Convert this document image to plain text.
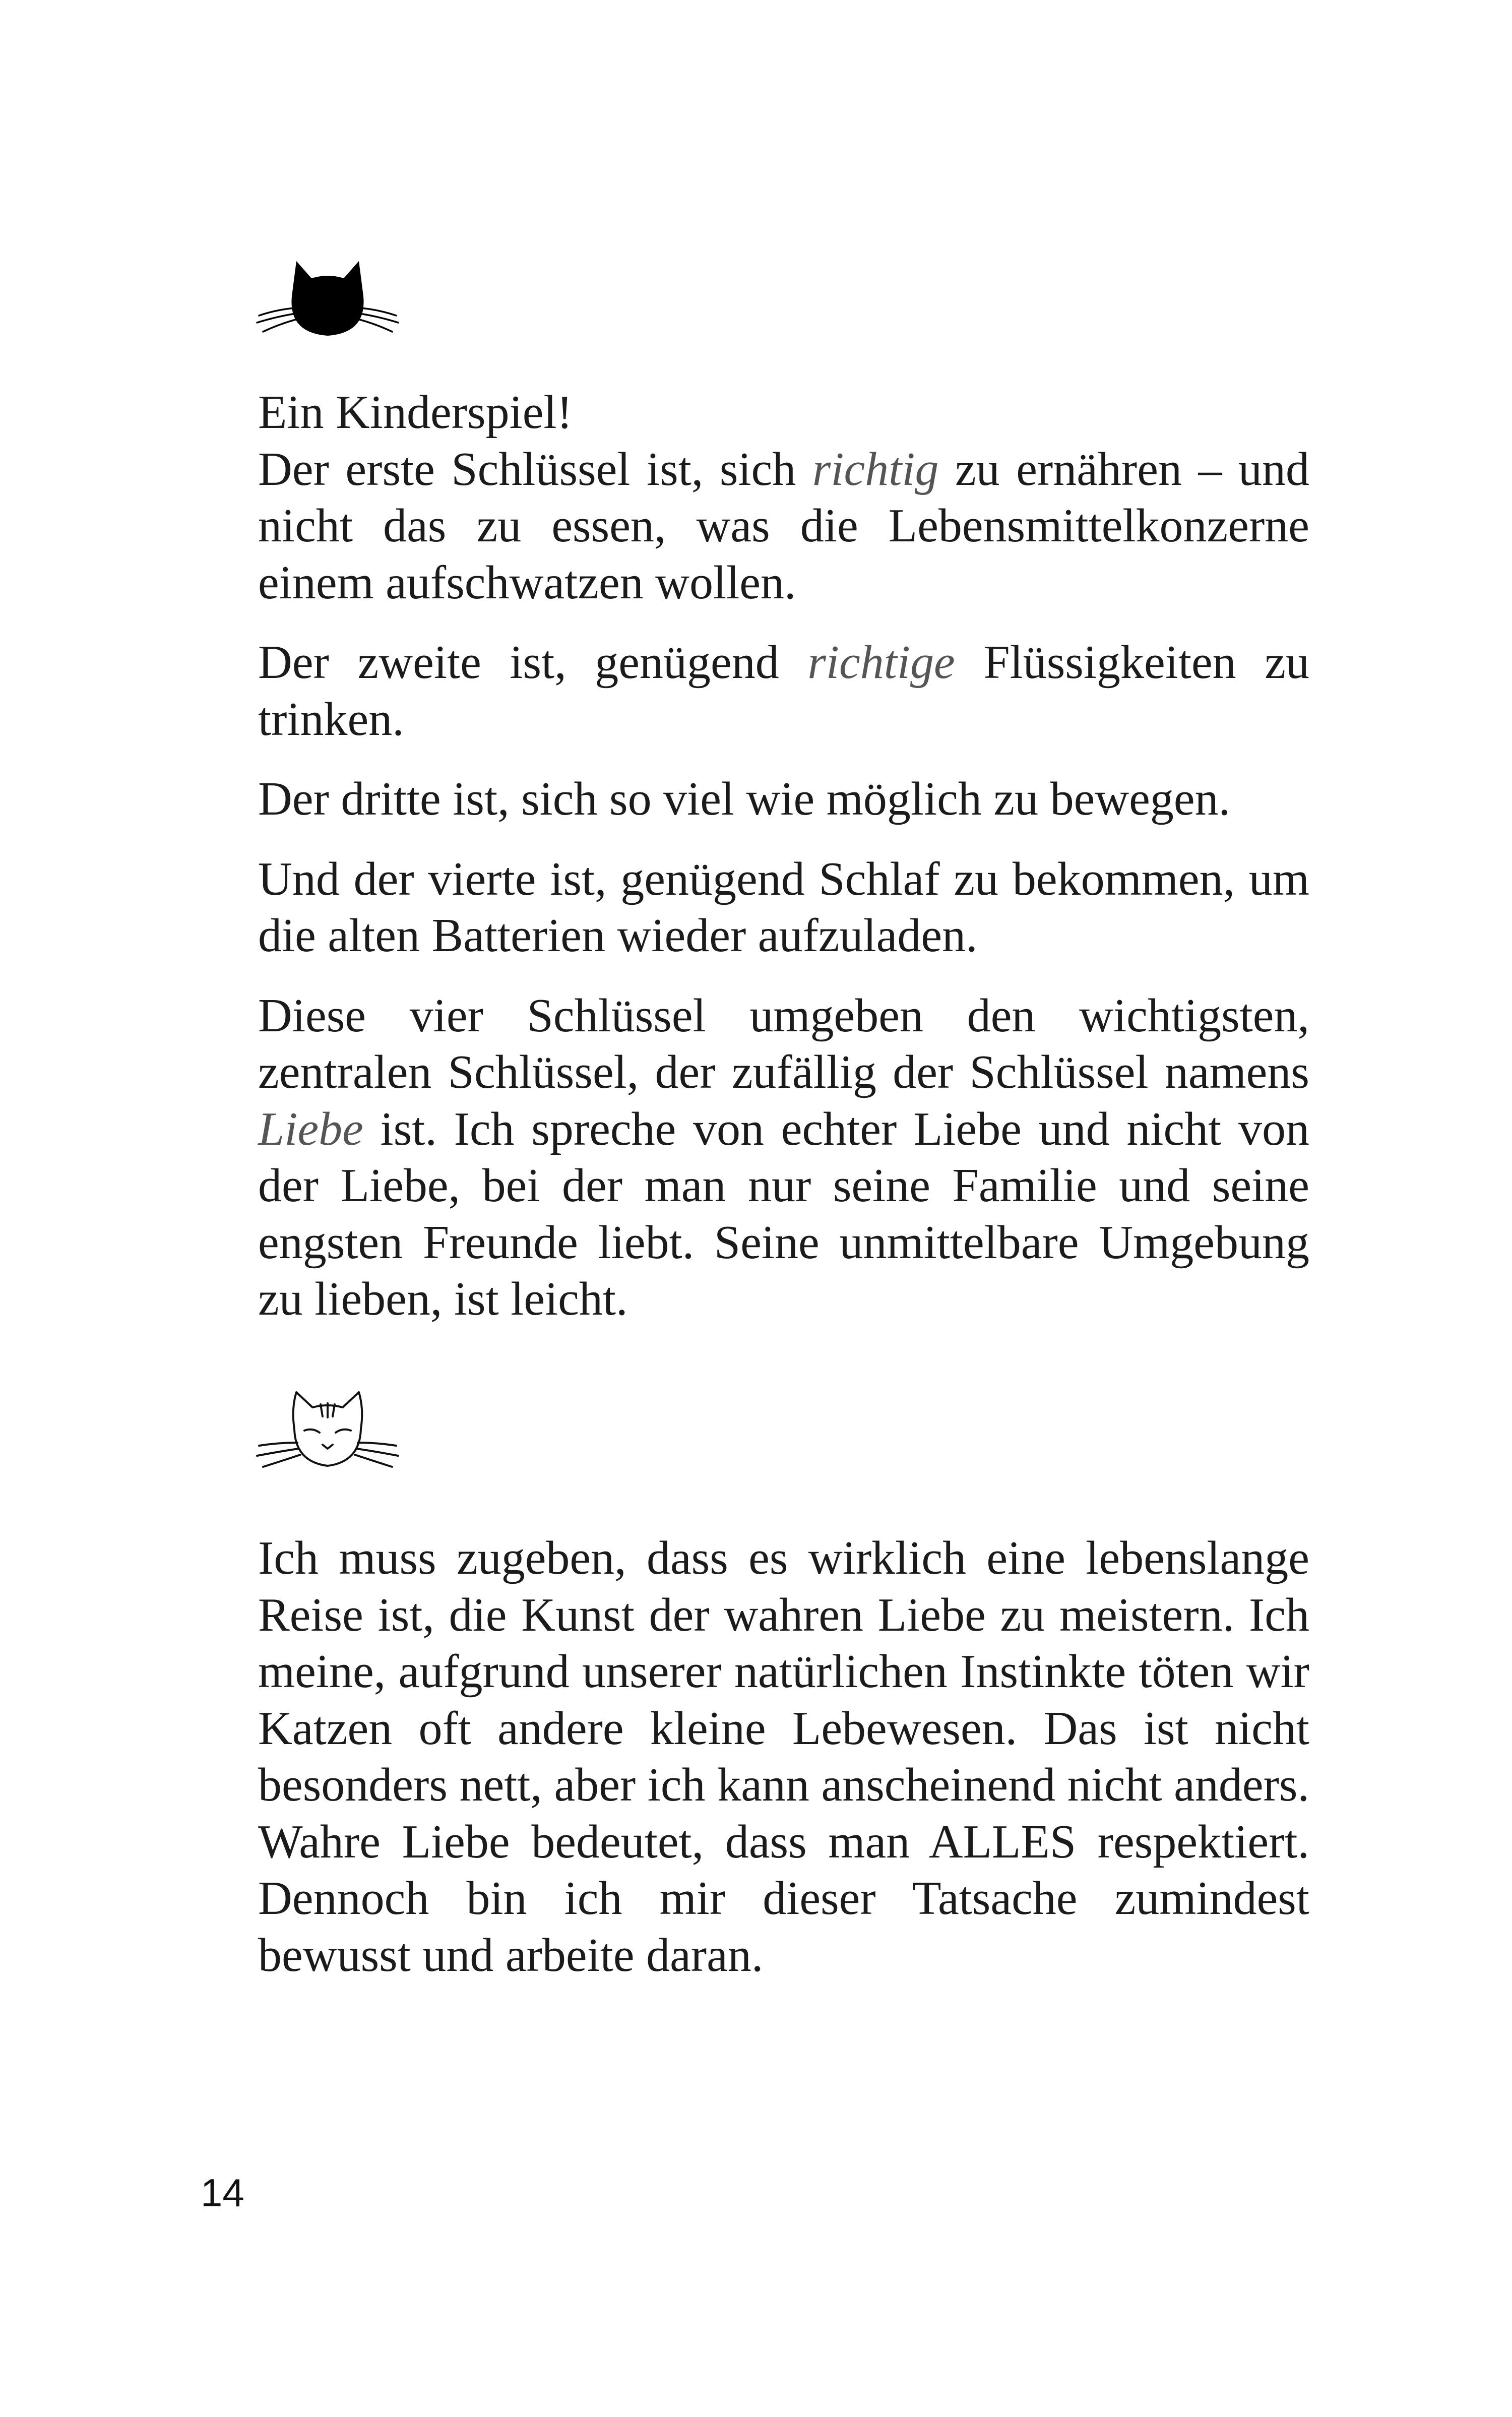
Ein Kinderspiel!

Der erste Schlüssel ist, sich richtig zu ernähren – und nicht das zu essen, was die Lebensmittelkonzerne einem aufschwatzen wollen.

Der zweite ist, genügend richtige Flüssigkeiten zu trinken.

Der dritte ist, sich so viel wie möglich zu bewegen.

Und der vierte ist, genügend Schlaf zu bekommen, um die alten Batterien wieder aufzuladen.

Diese vier Schlüssel umgeben den wichtigsten, zentralen Schlüssel, der zufällig der Schlüssel namens Liebe ist. Ich spreche von echter Liebe und nicht von der Liebe, bei der man nur seine Familie und seine engsten Freunde liebt. Seine unmittelbare Umgebung zu lieben, ist leicht.

Ich muss zugeben, dass es wirklich eine lebenslange Reise ist, die Kunst der wahren Liebe zu meistern. Ich meine, aufgrund unserer natürlichen Instinkte töten wir Katzen oft andere kleine Lebewesen. Das ist nicht besonders nett, aber ich kann anscheinend nicht anders. Wahre Liebe bedeutet, dass man ALLES respektiert. Dennoch bin ich mir dieser Tatsache zumindest bewusst und arbeite daran.

14
